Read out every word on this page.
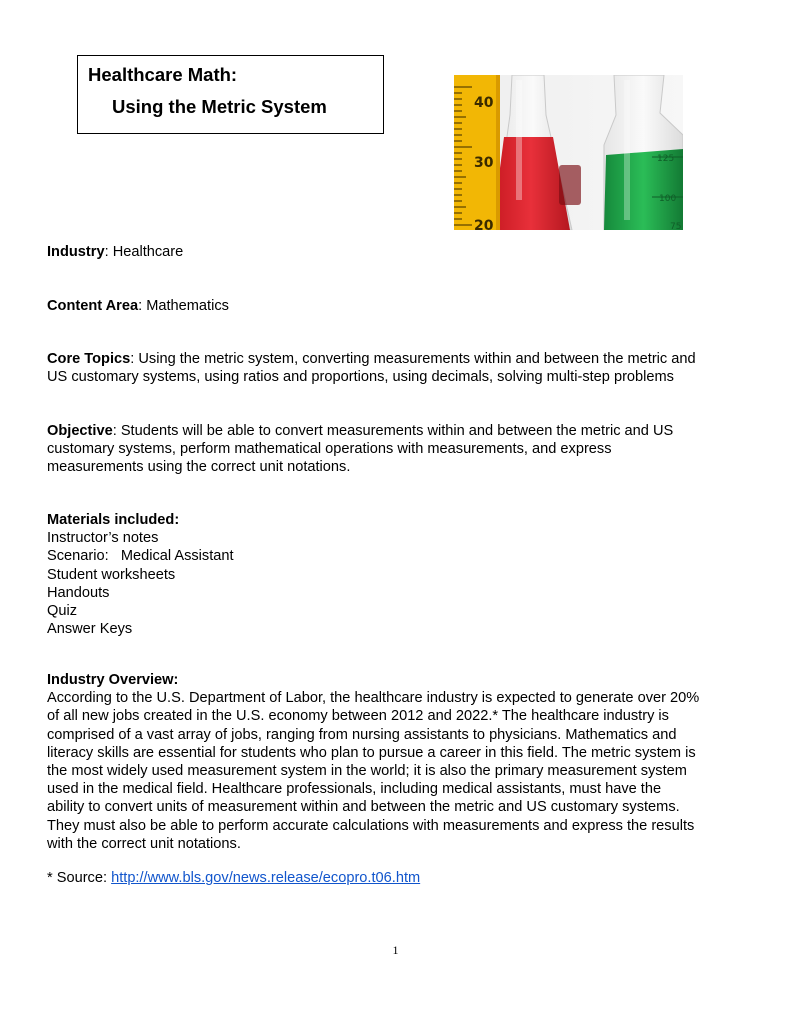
Healthcare Math:
Using the Metric System
125
100
75
40
30
20
Industry: Healthcare
Content Area: Mathematics
Core Topics: Using the metric system, converting measurements within and between the metric and
US customary systems, using ratios and proportions, using decimals, solving multi-step problems
Objective: Students will be able to convert measurements within and between the metric and US
customary systems, perform mathematical operations with measurements, and express
measurements using the correct unit notations.
Materials included:
Instructor’s notes
Scenario:   Medical Assistant
Student worksheets
Handouts
Quiz
Answer Keys
Industry Overview:
According to the U.S. Department of Labor, the healthcare industry is expected to generate over 20%
of all new jobs created in the U.S. economy between 2012 and 2022.* The healthcare industry is
comprised of a vast array of jobs, ranging from nursing assistants to physicians. Mathematics and
literacy skills are essential for students who plan to pursue a career in this field. The metric system is
the most widely used measurement system in the world; it is also the primary measurement system
used in the medical field. Healthcare professionals, including medical assistants, must have the
ability to convert units of measurement within and between the metric and US customary systems.
They must also be able to perform accurate calculations with measurements and express the results
with the correct unit notations.
* Source: http://www.bls.gov/news.release/ecopro.t06.htm
1
